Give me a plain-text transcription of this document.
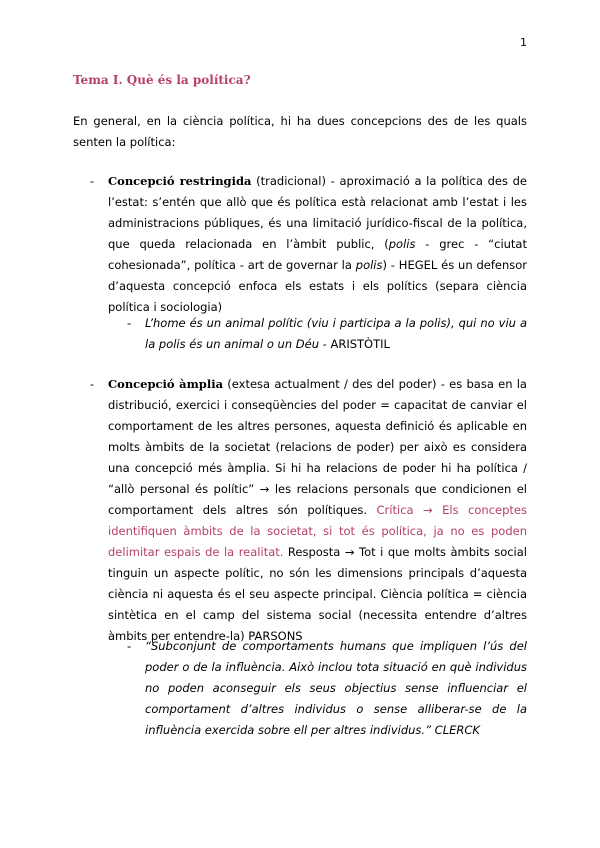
1
Tema I. Què és la política?

En general, en la ciència política, hi ha dues concepcions des de les quals senten la política:

- Concepció restringida (tradicional) - aproximació a la política des de l’estat: s’entén que allò que és política està relacionat amb l’estat i les administracions públiques, és una limitació jurídico-fiscal de la política, que queda relacionada en l’àmbit public, (polis - grec - “ciutat cohesionada”, política - art de governar la polis) - HEGEL és un defensor d’aquesta concepció enfoca els estats i els polítics (separa ciència política i sociologia)

- L’home és un animal polític (viu i participa a la polis), qui no viu a la polis és un animal o un Déu - ARISTÒTIL

- Concepció àmplia (extesa actualment / des del poder) - es basa en la distribució, exercici i conseqüències del poder = capacitat de canviar el comportament de les altres persones, aquesta definició és aplicable en molts àmbits de la societat (relacions de poder) per això es considera una concepció més àmplia. Si hi ha relacions de poder hi ha política / “allò personal és polític” → les relacions personals que condicionen el comportament dels altres són polítiques. Crítica → Els conceptes identifiquen àmbits de la societat, si tot és política, ja no es poden delimitar espais de la realitat. Resposta → Tot i que molts àmbits social tinguin un aspecte polític, no són les dimensions principals d’aquesta ciència ni aquesta és el seu aspecte principal. Ciència política = ciència sintètica en el camp del sistema social (necessita entendre d’altres àmbits per entendre-la) PARSONS

- “Subconjunt de comportaments humans que impliquen l’ús del poder o de la influència. Això inclou tota situació en què individus no poden aconseguir els seus objectius sense influenciar el comportament d’altres individus o sense alliberar-se de la influència exercida sobre ell per altres individus.” CLERCK
